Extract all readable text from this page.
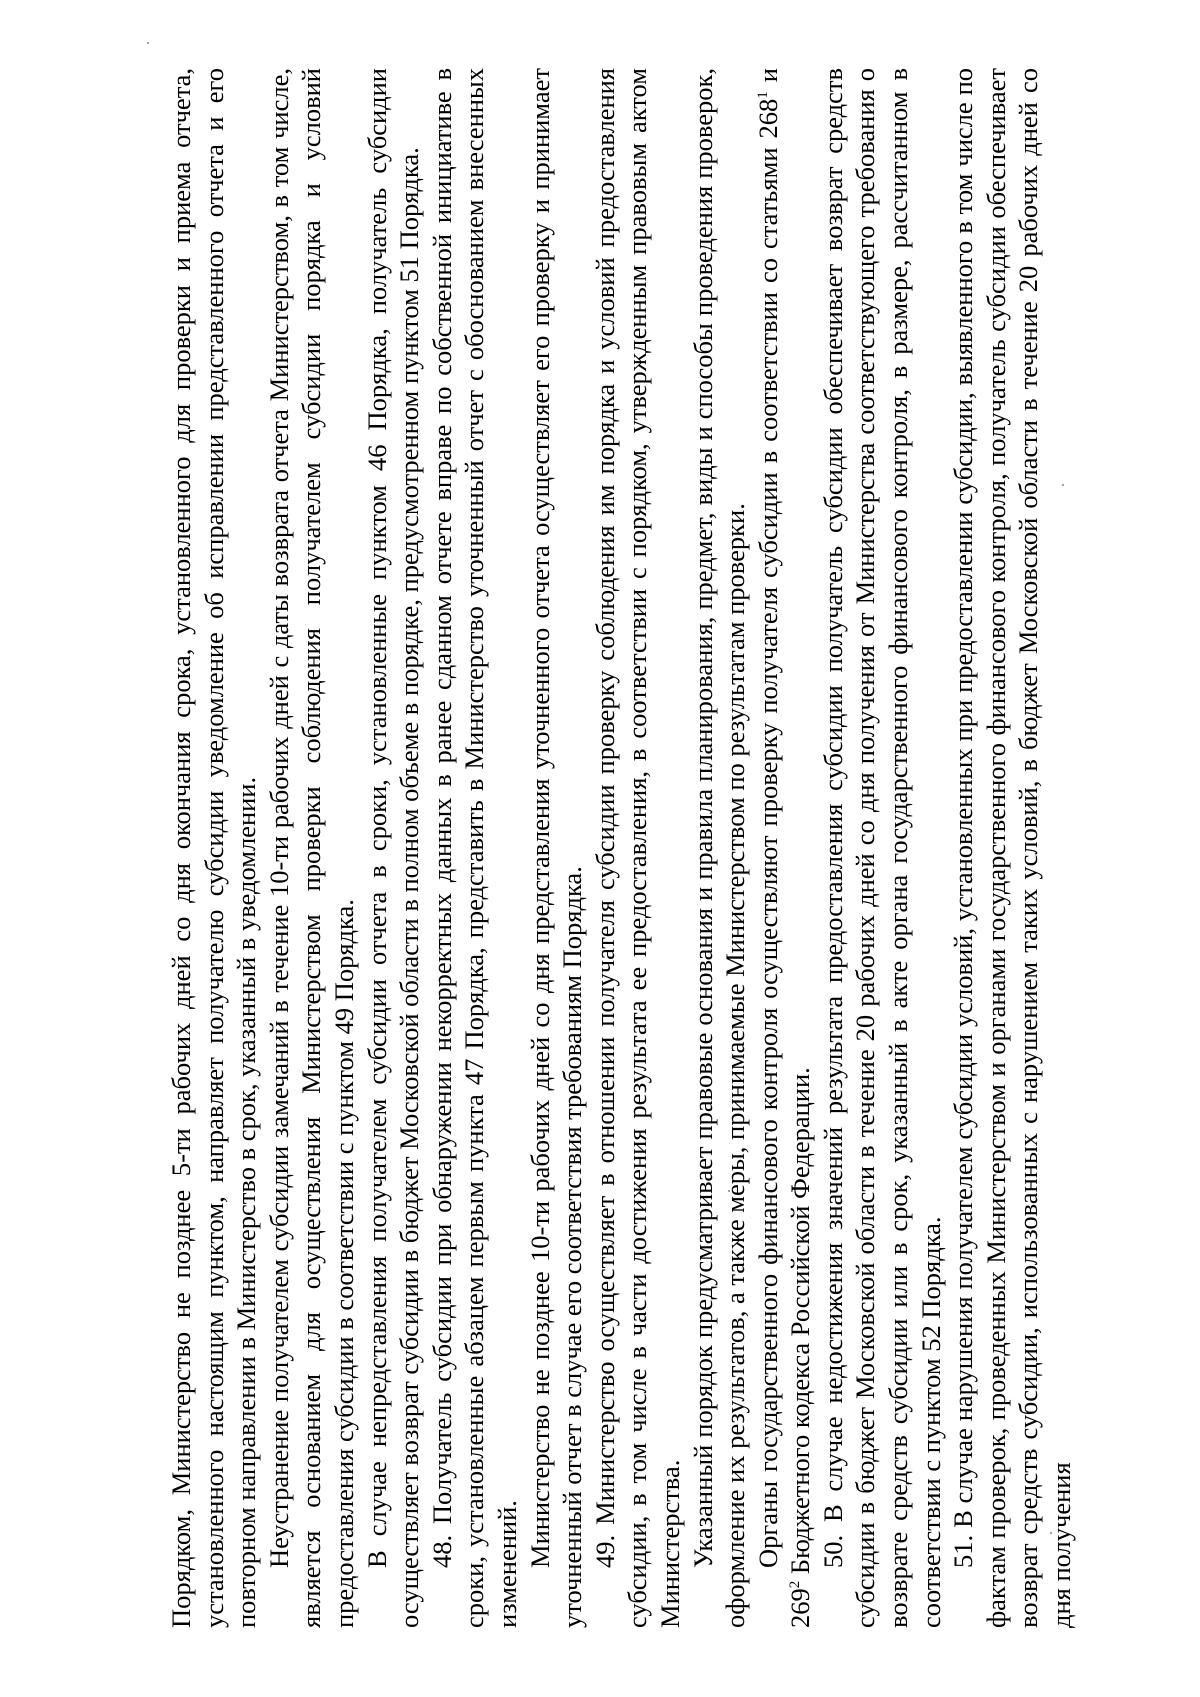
Порядком, Министерство не позднее 5-ти рабочих дней со дня окончания срока, установленного для проверки и приема отчета, установленного настоящим пунктом, направляет получателю субсидии уведомление об исправлении представленного отчета и его повторном направлении в Министерство в срок, указанный в уведомлении. Неустранение получателем субсидии замечаний в течение 10-ти рабочих дней с даты возврата отчета Министерством, в том числе, является основанием для осуществления Министерством проверки соблюдения получателем субсидии порядка и условий предоставления субсидии в соответствии с пунктом 49 Порядка. В случае непредставления получателем субсидии отчета в сроки, установленные пунктом 46 Порядка, получатель субсидии осуществляет возврат субсидии в бюджет Московской области в полном объеме в порядке, предусмотренном пунктом 51 Порядка. 48. Получатель субсидии при обнаружении некорректных данных в ранее сданном отчете вправе по собственной инициативе в сроки, установленные абзацем первым пункта 47 Порядка, представить в Министерство уточненный отчет с обоснованием внесенных изменений. Министерство не позднее 10-ти рабочих дней со дня представления уточненного отчета осуществляет его проверку и принимает уточненный отчет в случае его соответствия требованиям Порядка. 49. Министерство осуществляет в отношении получателя субсидии проверку соблюдения им порядка и условий предоставления субсидии, в том числе в части достижения результата ее предоставления, в соответствии с порядком, утвержденным правовым актом Министерства. Указанный порядок предусматривает правовые основания и правила планирования, предмет, виды и способы проведения проверок, оформление их результатов, а также меры, принимаемые Министерством по результатам проверки. Органы государственного финансового контроля осуществляют проверку получателя субсидии в соответствии со статьями $268^1$ и $269^2$ Бюджетного кодекса Российской Федерации. 50. В случае недостижения значений результата предоставления субсидии получатель субсидии обеспечивает возврат средств субсидии в бюджет Московской области в течение 20 рабочих дней со дня получения от Министерства соответствующего требования о возврате средств субсидии или в срок, указанный в акте органа государственного финансового контроля, в размере, рассчитанном в соответствии с пунктом 52 Порядка. 51. В случае нарушения получателем субсидии условий, установленных при предоставлении субсидии, выявленного в том числе по фактам проверок, проведенных Министерством и органами государственного финансового контроля, получатель субсидии обеспечивает возврат средств субсидии, использованных с нарушением таких условий, в бюджет Московской области в течение 20 рабочих дней со дня получения
